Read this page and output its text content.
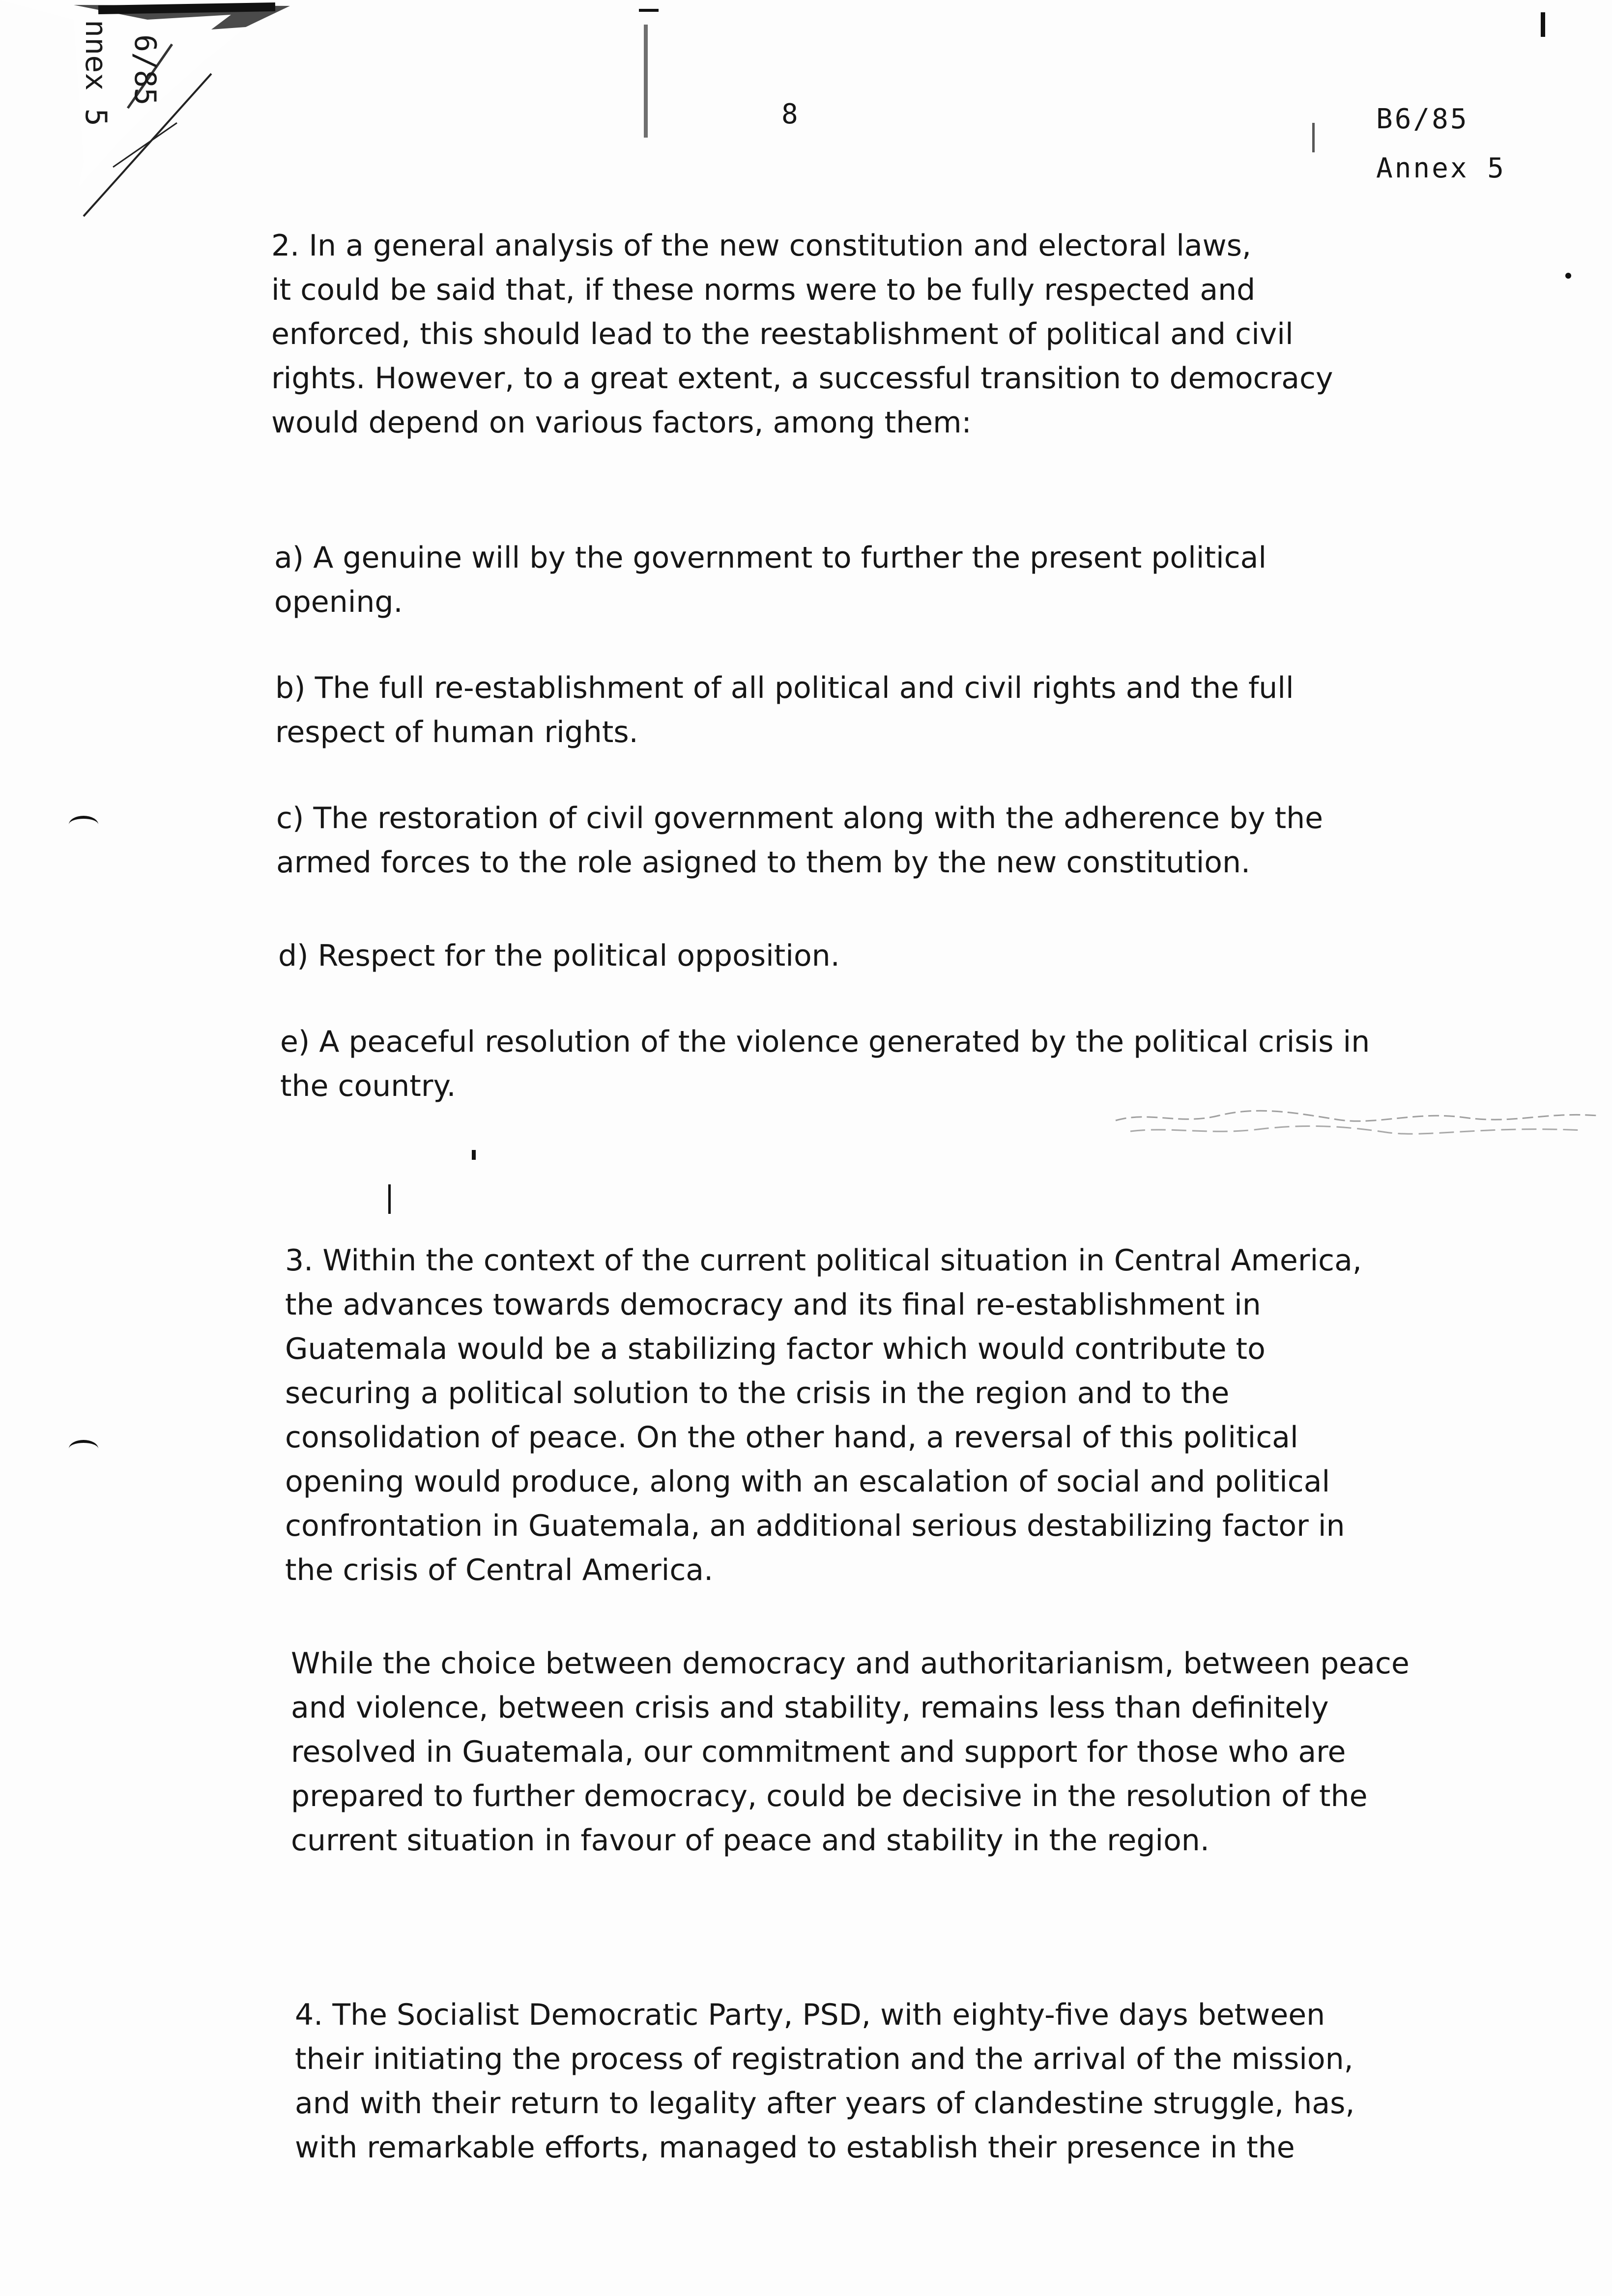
6/85
nnex 5	8	B6/85
Annex 5
2. In a general analysis of the new constitution and electoral laws,
it could be said that, if these norms were to be fully respected and
enforced, this should lead to the reestablishment of political and civil
rights. However, to a great extent, a successful transition to democracy
would depend on various factors, among them:
a) A genuine will by the government to further the present political
opening.
b) The full re-establishment of all political and civil rights and the full
respect of human rights.
c) The restoration of civil government along with the adherence by the
armed forces to the role asigned to them by the new constitution.
d) Respect for the political opposition.
e) A peaceful resolution of the violence generated by the political crisis in
the country.
3. Within the context of the current political situation in Central America,
the advances towards democracy and its final re-establishment in
Guatemala would be a stabilizing factor which would contribute to
securing a political solution to the crisis in the region and to the
consolidation of peace. On the other hand, a reversal of this political
opening would produce, along with an escalation of social and political
confrontation in Guatemala, an additional serious destabilizing factor in
the crisis of Central America.
While the choice between democracy and authoritarianism, between peace
and violence, between crisis and stability, remains less than definitely
resolved in Guatemala, our commitment and support for those who are
prepared to further democracy, could be decisive in the resolution of the
current situation in favour of peace and stability in the region.
4. The Socialist Democratic Party, PSD, with eighty-five days between
their initiating the process of registration and the arrival of the mission,
and with their return to legality after years of clandestine struggle, has,
with remarkable efforts, managed to establish their presence in the
